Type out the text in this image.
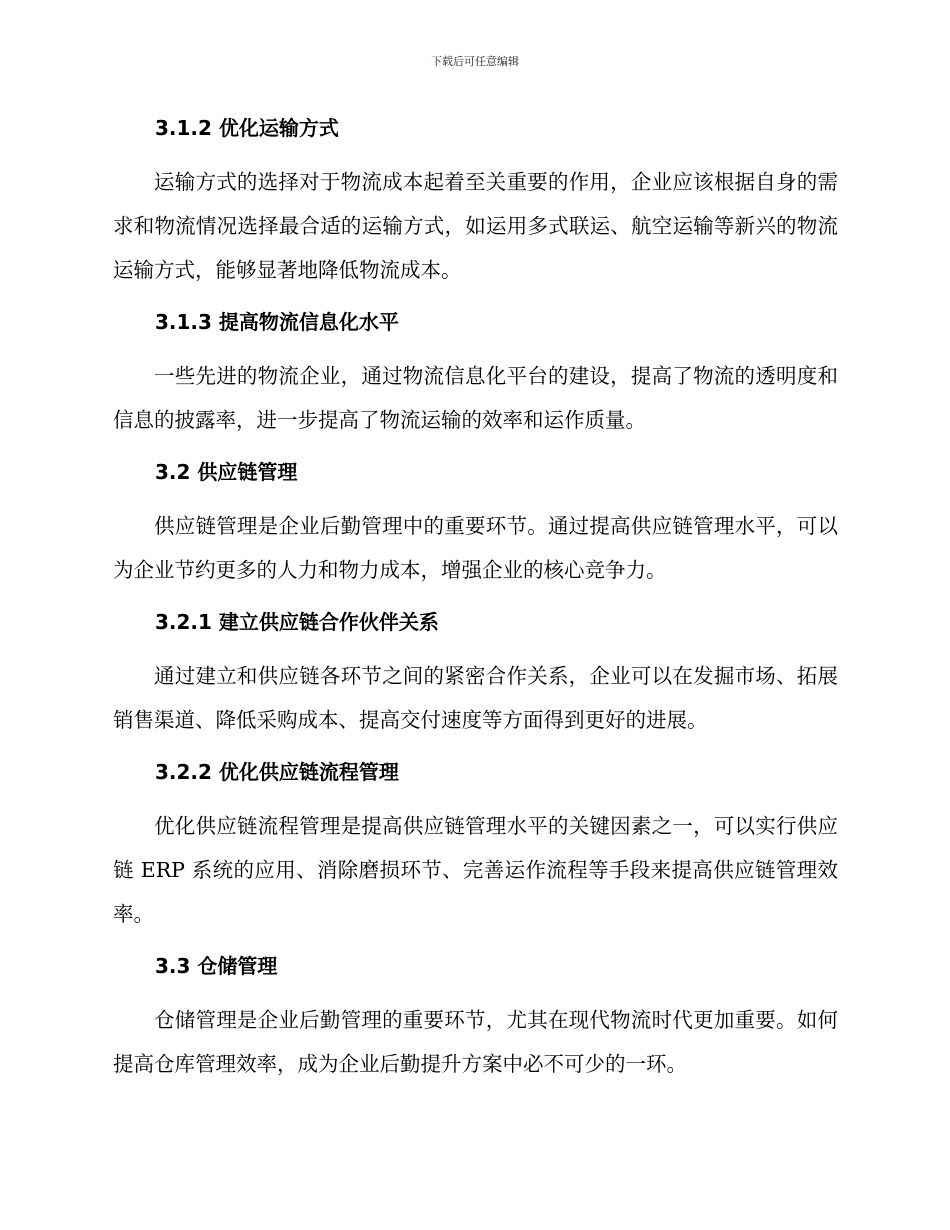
下载后可任意编辑
3.1.2 优化运输方式

运输方式的选择对于物流成本起着至关重要的作用，企业应该根据自身的需求和物流情况选择最合适的运输方式，如运用多式联运、航空运输等新兴的物流运输方式，能够显著地降低物流成本。

3.1.3 提高物流信息化水平

一些先进的物流企业，通过物流信息化平台的建设，提高了物流的透明度和信息的披露率，进一步提高了物流运输的效率和运作质量。

3.2 供应链管理

供应链管理是企业后勤管理中的重要环节。通过提高供应链管理水平，可以为企业节约更多的人力和物力成本，增强企业的核心竞争力。

3.2.1 建立供应链合作伙伴关系

通过建立和供应链各环节之间的紧密合作关系，企业可以在发掘市场、拓展销售渠道、降低采购成本、提高交付速度等方面得到更好的进展。

3.2.2 优化供应链流程管理

优化供应链流程管理是提高供应链管理水平的关键因素之一，可以实行供应链 ERP 系统的应用、消除磨损环节、完善运作流程等手段来提高供应链管理效率。

3.3 仓储管理

仓储管理是企业后勤管理的重要环节，尤其在现代物流时代更加重要。如何提高仓库管理效率，成为企业后勤提升方案中必不可少的一环。
